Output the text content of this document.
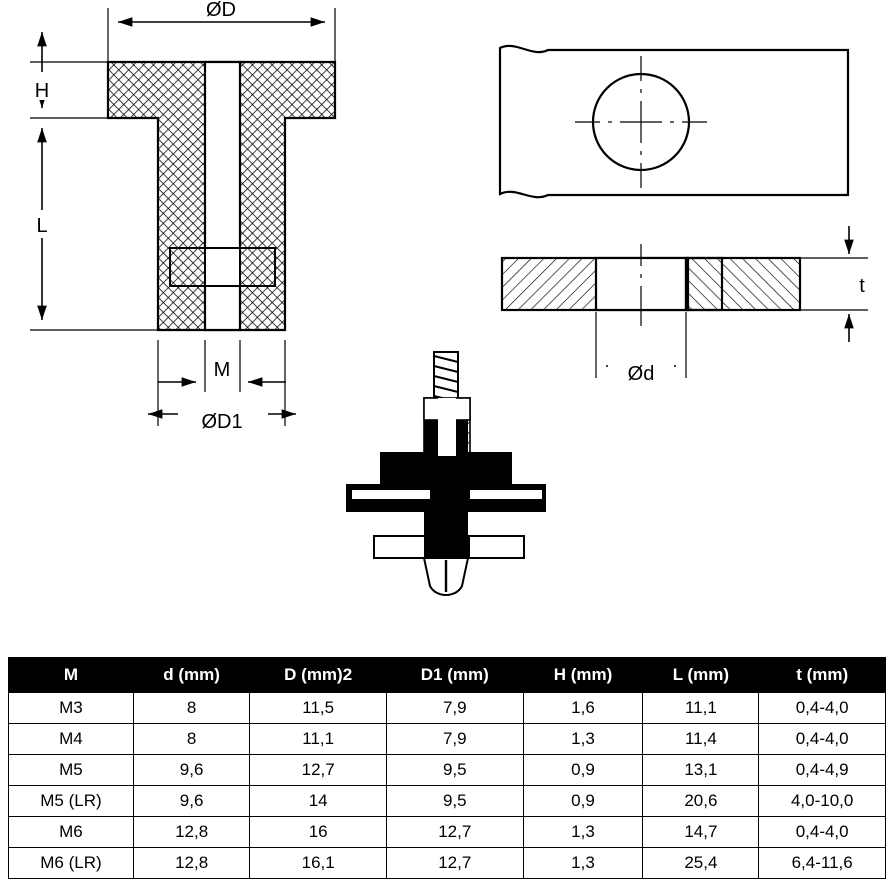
ØD
H
L
M
ØD1
Ød
t
M	d (mm)	D (mm)2	D1 (mm)	H (mm)	L (mm)	t (mm)
M3	8	11,5	7,9	1,6	11,1	0,4-4,0
M4	8	11,1	7,9	1,3	11,4	0,4-4,0
M5	9,6	12,7	9,5	0,9	13,1	0,4-4,9
M5 (LR)	9,6	14	9,5	0,9	20,6	4,0-10,0
M6	12,8	16	12,7	1,3	14,7	0,4-4,0
M6 (LR)	12,8	16,1	12,7	1,3	25,4	6,4-11,6
